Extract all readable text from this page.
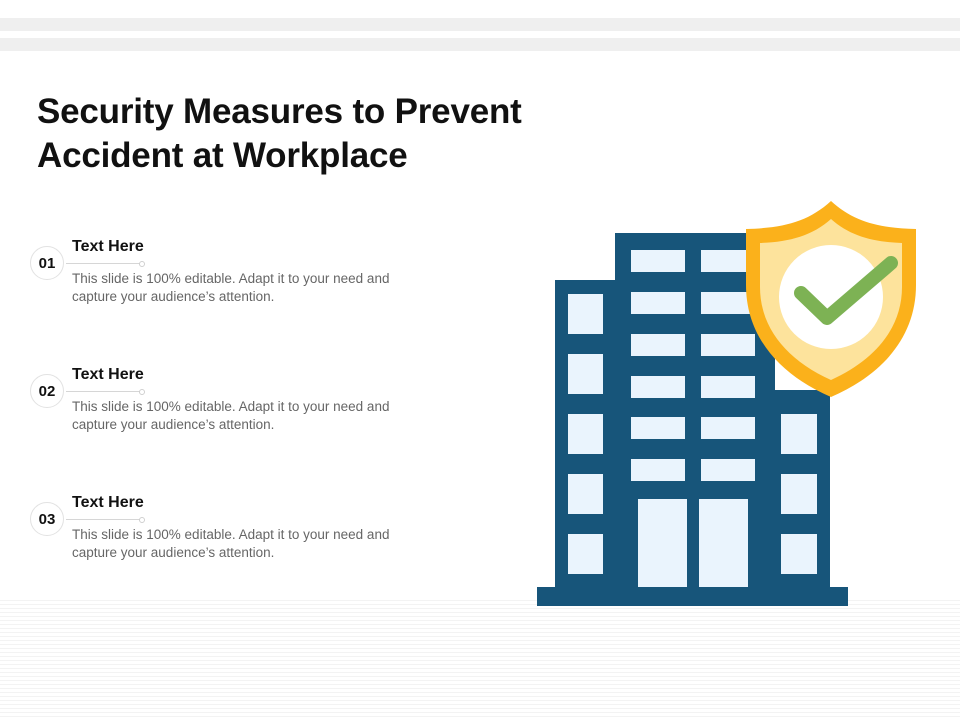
Security Measures to Prevent Accident at Workplace
01
Text Here
This slide is 100% editable. Adapt it to your need and capture your audience’s attention.
02
Text Here
This slide is 100% editable. Adapt it to your need and capture your audience’s attention.
03
Text Here
This slide is 100% editable. Adapt it to your need and capture your audience’s attention.
